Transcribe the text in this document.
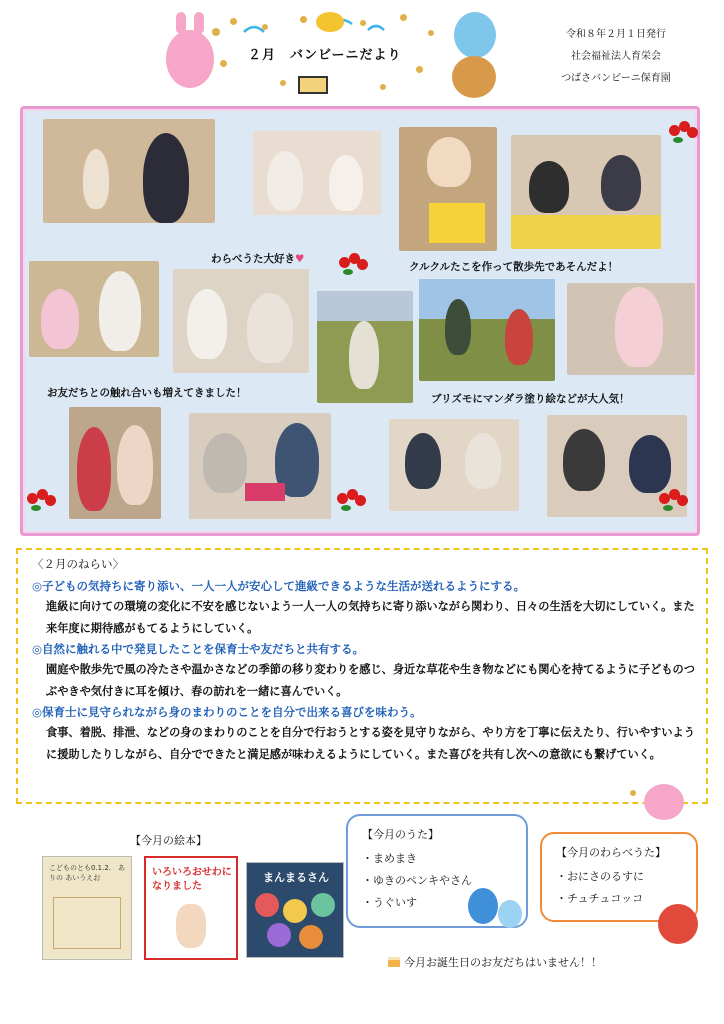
２月　バンビーニだより
令和８年２月１日発行
社会福祉法人育栄会
つばさバンビーニ保育園
わらべうた大好き♥
クルクルたこを作って散歩先であそんだよ！
お友だちとの触れ合いも増えてきました！	ブリズモにマンダラ塗り絵などが大人気！
〈２月のねらい〉
◎子どもの気持ちに寄り添い、一人一人が安心して進級できるような生活が送れるようにする。
進級に向けての環境の変化に不安を感じないよう一人一人の気持ちに寄り添いながら関わり、日々の生活を大切にしていく。また来年度に期待感がもてるようにしていく。
◎自然に触れる中で発見したことを保育士や友だちと共有する。
園庭や散歩先で風の冷たさや温かさなどの季節の移り変わりを感じ、身近な草花や生き物などにも関心を持てるように子どものつぶやきや気付きに耳を傾け、春の訪れを一緒に喜んでいく。
◎保育士に見守られながら身のまわりのことを自分で出来る喜びを味わう。
食事、着脱、排泄、などの身のまわりのことを自分で行おうとする姿を見守りながら、やり方を丁寧に伝えたり、行いやすいように援助したりしながら、自分でできたと満足感が味わえるようにしていく。また喜びを共有し次への意欲にも繋げていく。
【今月の絵本】
こどものとも0.1.2.　ありの あいうえお	いろいろおせわになりました
まんまるさん
【今月のうた】
・まめまき
・ゆきのペンキやさん
・うぐいす
【今月のわらべうた】
・おにさのるすに
・チュチュコッコ
今月お誕生日のお友だちはいません！！
